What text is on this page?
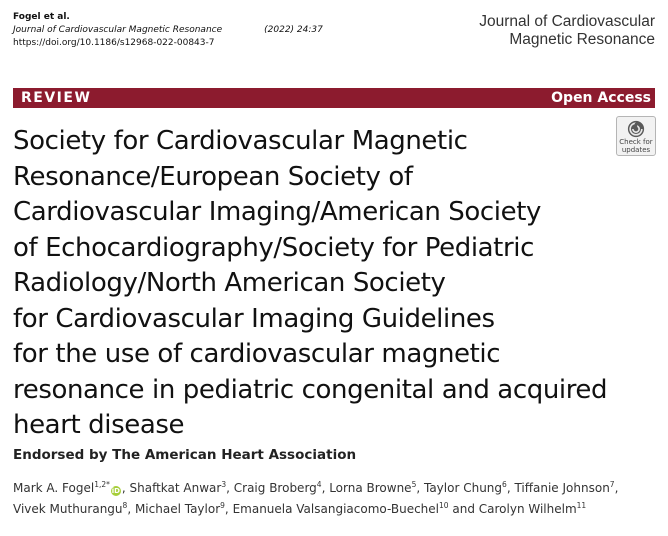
Fogel et al.
Journal of Cardiovascular Magnetic Resonance	(2022) 24:37
https://doi.org/10.1186/s12968-022-00843-7
Journal of Cardiovascular
Magnetic Resonance
REVIEW	Open Access
Society for Cardiovascular Magnetic
Resonance/European Society of
Cardiovascular Imaging/American Society
of Echocardiography/Society for Pediatric
Radiology/North American Society
for Cardiovascular Imaging Guidelines
for the use of cardiovascular magnetic
resonance in pediatric congenital and acquired
heart disease
Check for
updates
Endorsed by The American Heart Association
Mark A. Fogel$^{1,2*}$iD , Shaftkat Anwar$^3$, Craig Broberg$^4$, Lorna Browne$^5$, Taylor Chung$^6$, Tiffanie Johnson$^7$,
Vivek Muthurangu$^8$, Michael Taylor$^9$, Emanuela Valsangiacomo-Buechel$^{10}$ and Carolyn Wilhelm$^{11}$
